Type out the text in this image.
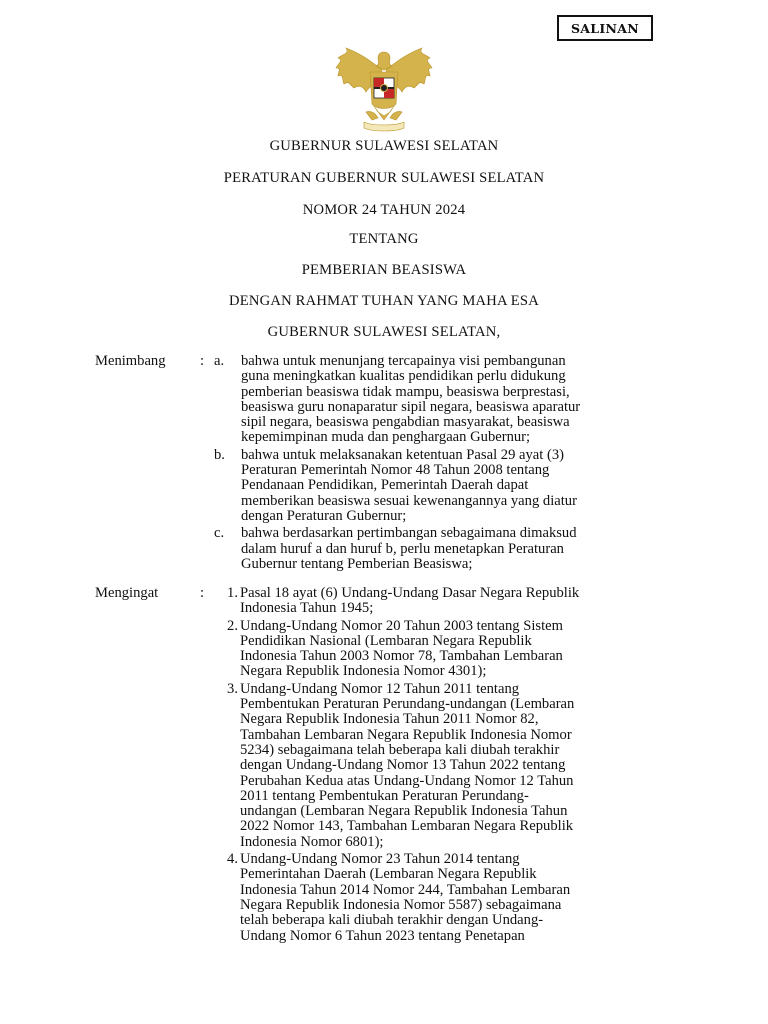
SALINAN
GUBERNUR SULAWESI SELATAN
PERATURAN GUBERNUR SULAWESI SELATAN
NOMOR 24 TAHUN 2024
TENTANG
PEMBERIAN BEASISWA
DENGAN RAHMAT TUHAN YANG MAHA ESA
GUBERNUR SULAWESI SELATAN,
Menimbang : a.	bahwa untuk menunjang tercapainya visi pembangunan
guna meningkatkan kualitas pendidikan perlu didukung
pemberian beasiswa tidak mampu, beasiswa berprestasi,
beasiswa guru nonaparatur sipil negara, beasiswa aparatur
sipil negara, beasiswa pengabdian masyarakat, beasiswa
kepemimpinan muda dan penghargaan Gubernur;
b.	bahwa untuk melaksanakan ketentuan Pasal 29 ayat (3)
Peraturan Pemerintah Nomor 48 Tahun 2008 tentang
Pendanaan Pendidikan, Pemerintah Daerah dapat
memberikan beasiswa sesuai kewenangannya yang diatur
dengan Peraturan Gubernur;
c.	bahwa berdasarkan pertimbangan sebagaimana dimaksud
dalam huruf a dan huruf b, perlu menetapkan Peraturan
Gubernur tentang Pemberian Beasiswa;
Mengingat	:	1. Pasal 18 ayat (6) Undang-Undang Dasar Negara Republik
Indonesia Tahun 1945;
2. Undang-Undang Nomor 20 Tahun 2003 tentang Sistem
Pendidikan Nasional (Lembaran Negara Republik
Indonesia Tahun 2003 Nomor 78, Tambahan Lembaran
Negara Republik Indonesia Nomor 4301);
3. Undang-Undang Nomor 12 Tahun 2011 tentang
Pembentukan Peraturan Perundang-undangan (Lembaran
Negara Republik Indonesia Tahun 2011 Nomor 82,
Tambahan Lembaran Negara Republik Indonesia Nomor
5234) sebagaimana telah beberapa kali diubah terakhir
dengan Undang-Undang Nomor 13 Tahun 2022 tentang
Perubahan Kedua atas Undang-Undang Nomor 12 Tahun
2011 tentang Pembentukan Peraturan Perundang-
undangan (Lembaran Negara Republik Indonesia Tahun
2022 Nomor 143, Tambahan Lembaran Negara Republik
Indonesia Nomor 6801);
4. Undang-Undang Nomor 23 Tahun 2014 tentang
Pemerintahan Daerah (Lembaran Negara Republik
Indonesia Tahun 2014 Nomor 244, Tambahan Lembaran
Negara Republik Indonesia Nomor 5587) sebagaimana
telah beberapa kali diubah terakhir dengan Undang-
Undang Nomor 6 Tahun 2023 tentang Penetapan
